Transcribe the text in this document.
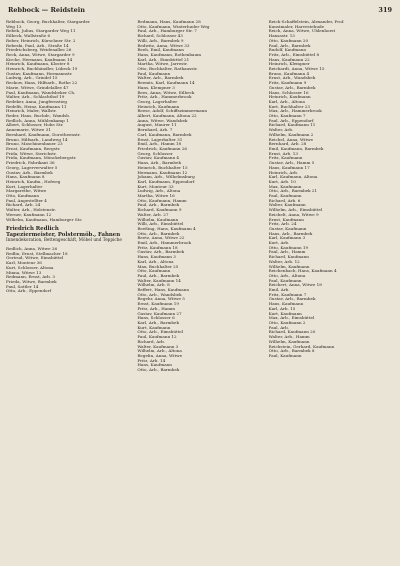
Rebbock — Reidstein	319
Rebbock, Georg, Buchhalter, Stargarder
Weg 13
Rebek, Julius, Stargarder Weg 11
Eilbeck, Wallstraße 6
Reber, Heinrich, Kürschner Str. 2
Rebeski, Paul, Arb., Straße 14
Friedrichsberg, Weidenallee 26
Reck, Anna, Witwe, Stargarder 9
Kirche, Hermann, Kaufmann 14
Heinrich, Kaufmann, Kloster 8
Heinrich, Buchhändler, Lübeck 19
Gustav, Kaufmann, Hermannstr.
Ludwig, Arb., Grindel 15
Reckow, Hans, Hilfsarb., Rothe 22
Marie, Witwe, Grindelallee 47
Paul, Kaufmann, Wandsbeker Ch.
Walter, Arb., Schlachthof 19
Redeker, Anna, Jungfernstieg
Redelfs, Heinz, Kaufmann 11
Heinrich, Maler, Wallstr.
Reder, Hans, Buchdr., Wandsb.
Redlich, Anna, Mühlenkamp 1
Albert, Schlosser, Hohe Str.
Annemarie, Witwe 31
Bernhard, Kaufmann, Dorotheenstr.
Bruno, Hilfsarb., Landweg 14
Bruno, Maschinenbauer 23
Ernst, Kaufmann, Bergstr.
Frida, Witwe, Sierichstr.
Frida, Kaufmann, Mönckebergstr.
Friedrich, Fabrikant 36
Georg, Lagerverwalter 5
Gustav, Arb., Barmbek
Hans, Kaufmann 8
Heinrich, Kaufm., Hofweg
Kurt, Lagerhalter
Margarethe, Witwe
Otto, Kaufmann
Paul, Angestellter 4
Richard, Arb. 24
Walter, Arb., Holstenstr.
Werner, Kaufmann 12
Wilhelm, Kaufmann, Hamburger Str.
Friedrich Redlich
Tapeziermeister, Polstermöb., Fahnen
Innendekoration, Bettengeschäft, Möbel und Teppiche
Redlich, Anna, Witwe 26
Redlin, Ernst, Stellmacher 18
Gertrud, Witwe, Eimsbüttel
Karl, Monteur 36
Kurt, Schlosser, Altona
Minna, Witwe 13
Redmann, Ernst, Arb. 3
Frieda, Witwe, Barmbek
Paul, Sattler 14
Otto, Arb., Eppendorf
Redmann, Hans, Kaufmann 28
Otto, Kaufmann, Winterhuder Weg
Paul, Arb., Hamburger Str. 7
Richard, Schlosser 43
Willi, Arb., Barmbek 9
Redwitz, Anna, Witwe 33
Reeh, Emil, Kaufmann
Hans, Kaufmann, Rothenbaum
Karl, Arb., Eimsbüttel 21
Martha, Witwe, Jarrestr.
Otto, Buchhalter, Rathausstr.
Paul, Kaufmann
Walter, Arb., Barmbek
Reemts, Karl, Kaufmann 14
Hans, Klempner 3
Rees, Anna, Witwe, Eilbeck
Fritz, Arb., Hammerbrook
Georg, Lagerhalter
Heinrich, Kaufmann
Reese, Adolf, Schiffszimmermann
Albert, Kaufmann, Altona 22
Anna, Witwe, Wandsbek
August, Maurer 11
Bernhard, Arb. 7
Carl, Kaufmann, Barmbek
Ernst, Lagerhalter 31
Emil, Arb., Hamm 18
Friedrich, Kaufmann 26
Georg, Schlosser
Gustav, Kaufmann 4
Hans, Arb., Barmbek
Heinrich, Buchhalter 15
Hermann, Kaufmann 12
Johann, Arb., Wilhelmsburg
Karl, Kaufmann, Eppendorf
Kurt, Monteur 33
Ludwig, Arb., Altona
Martha, Witwe 16
Otto, Kaufmann, Hamm
Paul, Arb., Barmbek
Richard, Kaufmann 9
Walter, Arb. 27
Wilhelm, Kaufmann
Willi, Arb., Eimsbüttel
Reeßing, Hans, Kaufmann 4
Otto, Arb., Barmbek
Reetz, Anna, Witwe 22
Emil, Arb., Hammerbrook
Fritz, Kaufmann 18
Gustav, Arb., Barmbek
Hans, Kaufmann 3
Karl, Arb., Altona
Max, Buchhalter 25
Otto, Kaufmann
Paul, Arb., Barmbek
Walter, Kaufmann 14
Wilhelm, Arb. 8
Reffert, Hans, Kaufmann
Otto, Arb., Wandsbek
Regehr, Anna, Witwe 5
Ernst, Kaufmann 19
Fritz, Arb., Hamm
Gustav, Kaufmann 27
Hans, Schlosser 6
Karl, Arb., Barmbek
Kurt, Kaufmann
Otto, Arb., Eimsbüttel
Paul, Kaufmann 12
Richard, Arb.
Walter, Kaufmann 3
Wilhelm, Arb., Altona
Regelin, Anna, Witwe
Fritz, Arb. 14
Hans, Kaufmann
Otto, Arb., Barmbek
Reich-Schaffelstein, Alexander, Prof.
Kunstmaler, Harvestehude
Reich, Anna, Witwe, Uhlenhorst
Hansastr. 13
Otto, Kaufmann 20
Paul, Arb., Barmbek
Rudolf, Kaufmann
Fritz, Arb., Eimsbüttel 8
Hans, Kaufmann 22
Heinrich, Klempner
Reichardt, Anna, Witwe 15
Bruno, Kaufmann 4
Ernst, Arb., Wandsbek
Fritz, Kaufmann 9
Gustav, Arb., Barmbek
Hans, Schlosser 16
Heinrich, Kaufmann
Karl, Arb., Altona
Kurt, Buchhalter 23
Max, Arb., Hammerbrook
Otto, Kaufmann 7
Paul, Arb., Eppendorf
Richard, Kaufmann 11
Walter, Arb.
Wilhelm, Kaufmann 2
Reichel, Anna, Witwe
Bernhard, Arb. 28
Emil, Kaufmann, Barmbek
Ernst, Arb. 13
Fritz, Kaufmann
Gustav, Arb., Hamm 5
Hans, Kaufmann 17
Heinrich, Arb.
Karl, Kaufmann, Altona
Kurt, Arb. 10
Max, Kaufmann
Otto, Arb., Barmbek 21
Paul, Kaufmann
Richard, Arb. 6
Walter, Kaufmann
Wilhelm, Arb., Eimsbüttel
Reichelt, Anna, Witwe 9
Ernst, Kaufmann
Fritz, Arb. 24
Gustav, Kaufmann
Hans, Arb., Barmbek
Karl, Kaufmann 3
Kurt, Arb.
Otto, Kaufmann 19
Paul, Arb., Hamm
Richard, Kaufmann
Walter, Arb. 12
Wilhelm, Kaufmann
Reichenbach, Hans, Kaufmann 4
Otto, Arb., Altona
Paul, Kaufmann
Reichert, Anna, Witwe 18
Emil, Arb.
Fritz, Kaufmann 7
Gustav, Arb., Barmbek
Hans, Kaufmann
Karl, Arb. 15
Kurt, Kaufmann
Max, Arb., Eimsbüttel
Otto, Kaufmann 2
Paul, Arb.
Richard, Kaufmann 20
Walter, Arb., Hamm
Wilhelm, Kaufmann
Reichstein, Gerhard, Kaufmann
Otto, Arb., Barmbek 8
Paul, Kaufmann
